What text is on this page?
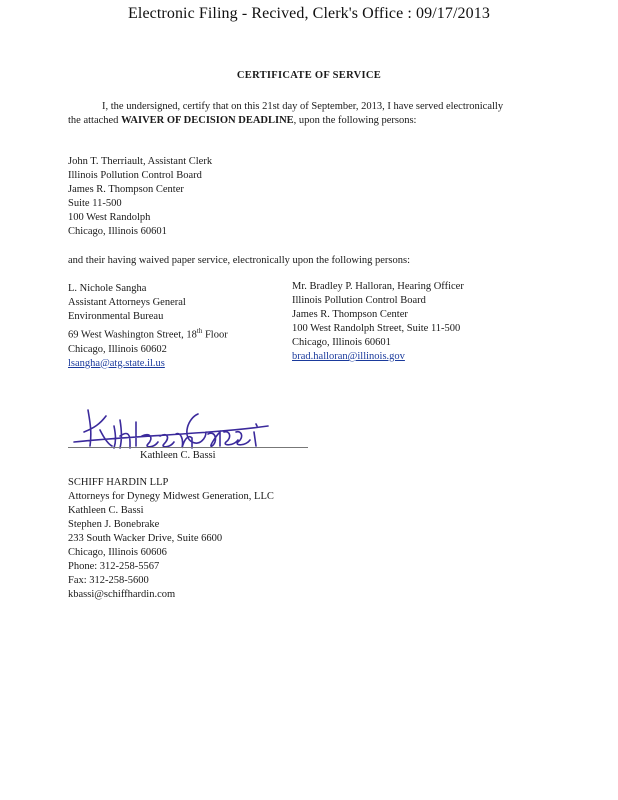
Electronic Filing - Recived, Clerk's Office : 09/17/2013
CERTIFICATE OF SERVICE
I, the undersigned, certify that on this 21st day of September, 2013, I have served electronically the attached WAIVER OF DECISION DEADLINE, upon the following persons:
John T. Therriault, Assistant Clerk
Illinois Pollution Control Board
James R. Thompson Center
Suite 11-500
100 West Randolph
Chicago, Illinois 60601
and their having waived paper service, electronically upon the following persons:
L. Nichole Sangha
Assistant Attorneys General
Environmental Bureau
69 West Washington Street, 18th Floor
Chicago, Illinois 60602
lsangha@atg.state.il.us
Mr. Bradley P. Halloran, Hearing Officer
Illinois Pollution Control Board
James R. Thompson Center
100 West Randolph Street, Suite 11-500
Chicago, Illinois 60601
brad.halloran@illinois.gov
Kathleen C. Bassi
SCHIFF HARDIN LLP
Attorneys for Dynegy Midwest Generation, LLC
Kathleen C. Bassi
Stephen J. Bonebrake
233 South Wacker Drive, Suite 6600
Chicago, Illinois 60606
Phone: 312-258-5567
Fax: 312-258-5600
kbassi@schiffhardin.com
